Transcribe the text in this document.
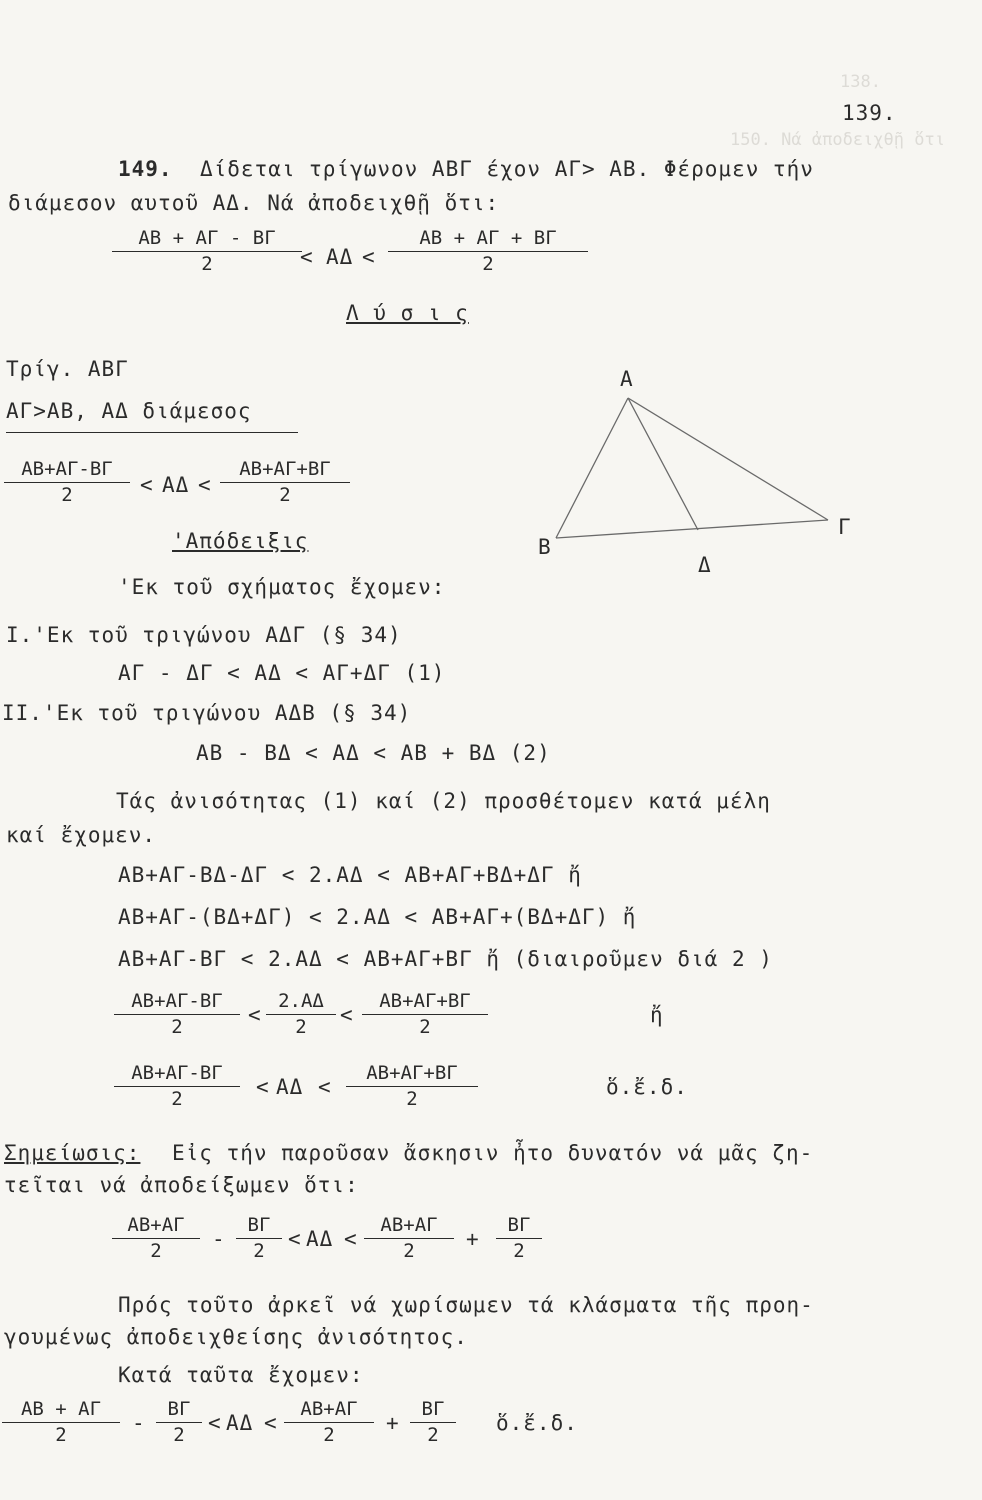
138.
150. Νά ἀποδειχθῇ ὅτι
139.
149. Δίδεται τρίγωνον ΑΒΓ έχον ΑΓ> ΑΒ. Φέρομεν τήν
διάμεσον αυτοῦ ΑΔ. Νά ἀποδειχθῇ ὅτι:
$\frac{AB + A\Gamma - B\Gamma}{2}$
< $A\Delta < \frac{AB + A\Gamma + B\Gamma}{2}$
Λ ύ σ ι ς
Τρίγ. ΑΒΓ
ΑΓ>ΑΒ, ΑΔ διάμεσος
$\frac{AB+A\Gamma-B\Gamma}{2} < A\Delta < \frac{AB+A\Gamma+B\Gamma}{2}$
Α
Β
Γ
Δ
'Απόδειξις
'Εκ τοῦ σχήματος ἔχομεν:
I.'Εκ τοῦ τριγώνου ΑΔΓ (§ 34)
ΑΓ - ΔΓ < ΑΔ < ΑΓ+ΔΓ (1)
II.'Εκ τοῦ τριγώνου ΑΔΒ (§ 34)
ΑΒ - ΒΔ < ΑΔ < ΑΒ + ΒΔ (2)
Τάς ἀνισότητας (1) καί (2) προσθέτομεν κατά μέλη
καί ἔχομεν.
ΑΒ+ΑΓ-ΒΔ-ΔΓ < 2.ΑΔ < ΑΒ+ΑΓ+ΒΔ+ΔΓ ἤ
ΑΒ+ΑΓ-(ΒΔ+ΔΓ) < 2.ΑΔ < ΑΒ+ΑΓ+(ΒΔ+ΔΓ) ἤ
ΑΒ+ΑΓ-ΒΓ < 2.ΑΔ < ΑΒ+ΑΓ+ΒΓ ἤ (διαιροῦμεν διά 2 )
$\frac{AB+A\Gamma-B\Gamma}{2} < \frac{2.A\Delta}{2} < \frac{AB+A\Gamma+B\Gamma}{2}$	ἤ
$\frac{AB+A\Gamma-B\Gamma}{2} < A\Delta < \frac{AB+A\Gamma+B\Gamma}{2}$	ὅ.ἔ.δ.
Σημείωσις: Εἰς τήν παροῦσαν ἄσκησιν ἦτο δυνατόν νά μᾶς ζη-
τεῖται νά ἀποδείξωμεν ὅτι:
$\frac{AB+A\Gamma}{2} - \frac{B\Gamma}{2} < A\Delta < \frac{AB+A\Gamma}{2} + \frac{B\Gamma}{2}$
Πρός τοῦτο ἀρκεῖ νά χωρίσωμεν τά κλάσματα τῆς προη-
γουμένως ἀποδειχθείσης ἀνισότητος.
Κατά ταῦτα ἔχομεν:
$\frac{AB + A\Gamma}{2} - \frac{B\Gamma}{2} < A\Delta < \frac{AB+A\Gamma}{2} + \frac{B\Gamma}{2}$ ὅ.ἔ.δ.
